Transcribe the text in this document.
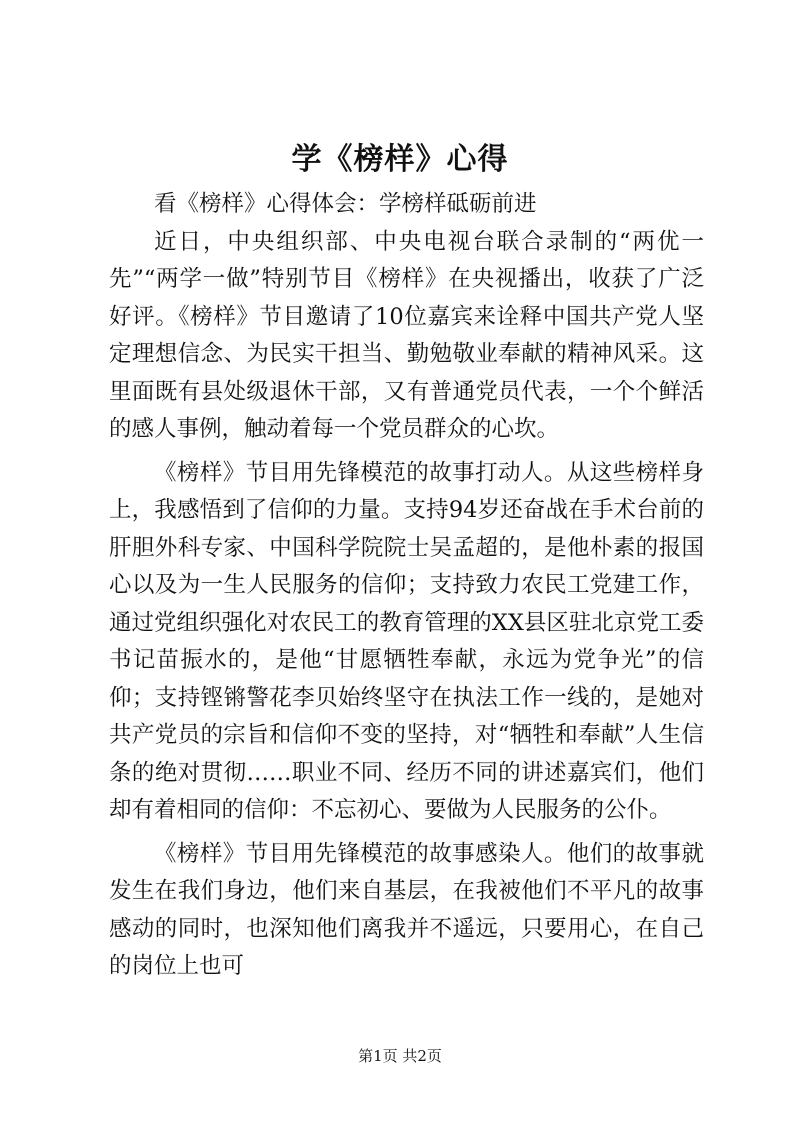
学《榜样》心得

看《榜样》心得体会：学榜样砥砺前进

近日，中央组织部、中央电视台联合录制的“两优一先”“两学一做”特别节目《榜样》在央视播出，收获了广泛好评。《榜样》节目邀请了10位嘉宾来诠释中国共产党人坚定理想信念、为民实干担当、勤勉敬业奉献的精神风采。这里面既有县处级退休干部，又有普通党员代表，一个个鲜活的感人事例，触动着每一个党员群众的心坎。

《榜样》节目用先锋模范的故事打动人。从这些榜样身上，我感悟到了信仰的力量。支持94岁还奋战在手术台前的肝胆外科专家、中国科学院院士吴孟超的，是他朴素的报国心以及为一生人民服务的信仰；支持致力农民工党建工作，通过党组织强化对农民工的教育管理的XX县区驻北京党工委书记苗振水的，是他“甘愿牺牲奉献，永远为党争光”的信仰；支持铿锵警花李贝始终坚守在执法工作一线的，是她对共产党员的宗旨和信仰不变的坚持，对“牺牲和奉献”人生信条的绝对贯彻……职业不同、经历不同的讲述嘉宾们，他们却有着相同的信仰：不忘初心、要做为人民服务的公仆。

《榜样》节目用先锋模范的故事感染人。他们的故事就发生在我们身边，他们来自基层，在我被他们不平凡的故事感动的同时，也深知他们离我并不遥远，只要用心，在自己的岗位上也可

第1页 共2页
